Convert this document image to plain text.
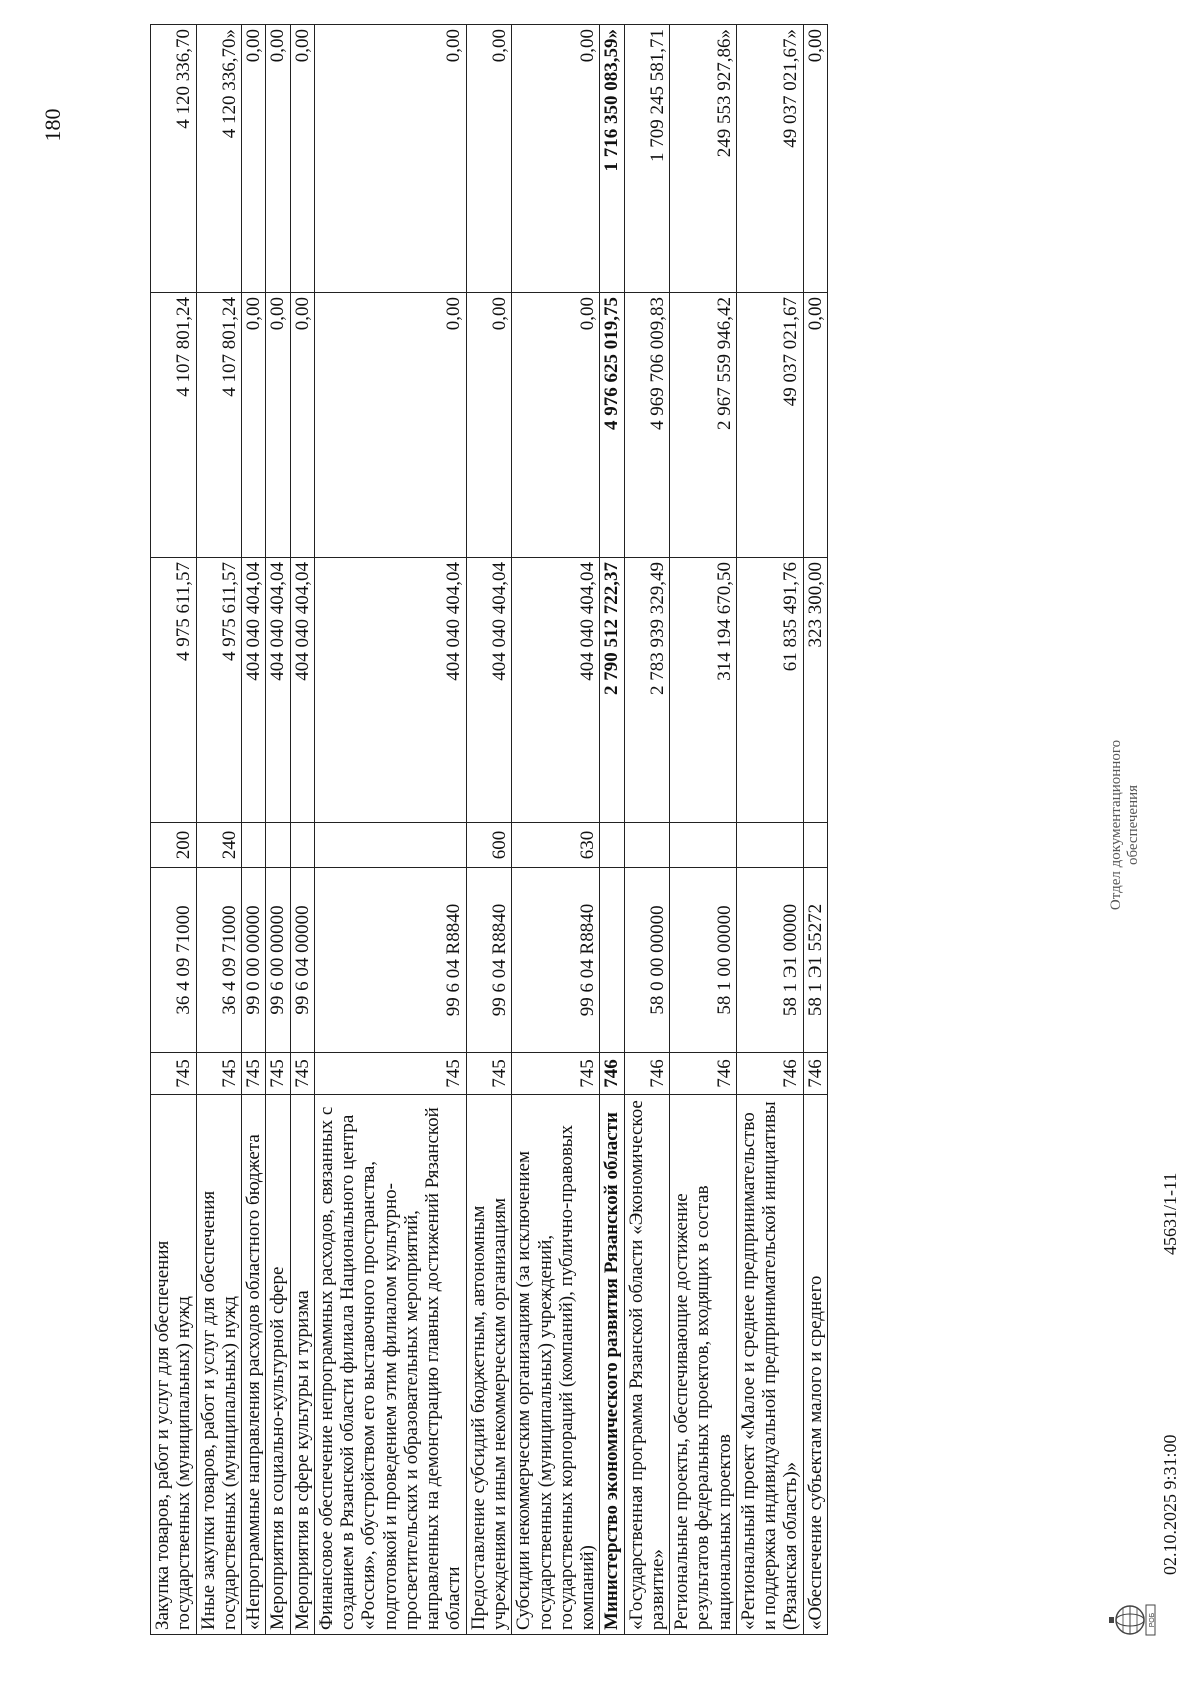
180
Закупка товаров, работ и услуг для обеспечения государственных (муниципальных) нужд	745	36 4 09 71000	200	4 975 611,57	4 107 801,24	4 120 336,70
Иные закупки товаров, работ и услуг для обеспечения государственных (муниципальных) нужд	745	36 4 09 71000	240	4 975 611,57	4 107 801,24	4 120 336,70»
«Непрограммные направления расходов областного бюджета	745	99 0 00 00000		404 040 404,04	0,00	0,00
Мероприятия в социально-культурной сфере	745	99 6 00 00000		404 040 404,04	0,00	0,00
Мероприятия в сфере культуры и туризма	745	99 6 04 00000		404 040 404,04	0,00	0,00
Финансовое обеспечение непрограммных расходов, связанных с созданием в Рязанской области филиала Национального центра «Россия», обустройством его выставочного пространства, подготовкой и проведением этим филиалом культурно-просветительских и образовательных мероприятий, направленных на демонстрацию главных достижений Рязанской области	745	99 6 04 R8840		404 040 404,04	0,00	0,00
Предоставление субсидий бюджетным, автономным учреждениям и иным некоммерческим организациям	745	99 6 04 R8840	600	404 040 404,04	0,00	0,00
Субсидии некоммерческим организациям (за исключением государственных (муниципальных) учреждений, государственных корпораций (компаний), публично-правовых компаний)	745	99 6 04 R8840	630	404 040 404,04	0,00	0,00
Министерство экономического развития Рязанской области	746			2 790 512 722,37	4 976 625 019,75	1 716 350 083,59»
«Государственная программа Рязанской области «Экономическое развитие»	746	58 0 00 00000		2 783 939 329,49	4 969 706 009,83	1 709 245 581,71
Региональные проекты, обеспечивающие достижение результатов федеральных проектов, входящих в состав национальных проектов	746	58 1 00 00000		314 194 670,50	2 967 559 946,42	249 553 927,86»
«Региональный проект «Малое и среднее предпринимательство и поддержка индивидуальной предпринимательской инициативы (Рязанская область)»	746	58 1 Э1 00000		61 835 491,76	49 037 021,67	49 037 021,67»
«Обеспечение субъектам малого и среднего	746	58 1 Э1 55272		323 300,00	0,00	0,00
РОБ
02.10.2025 9:31:00
45631/1-11
Отдел документационного обеспечения
